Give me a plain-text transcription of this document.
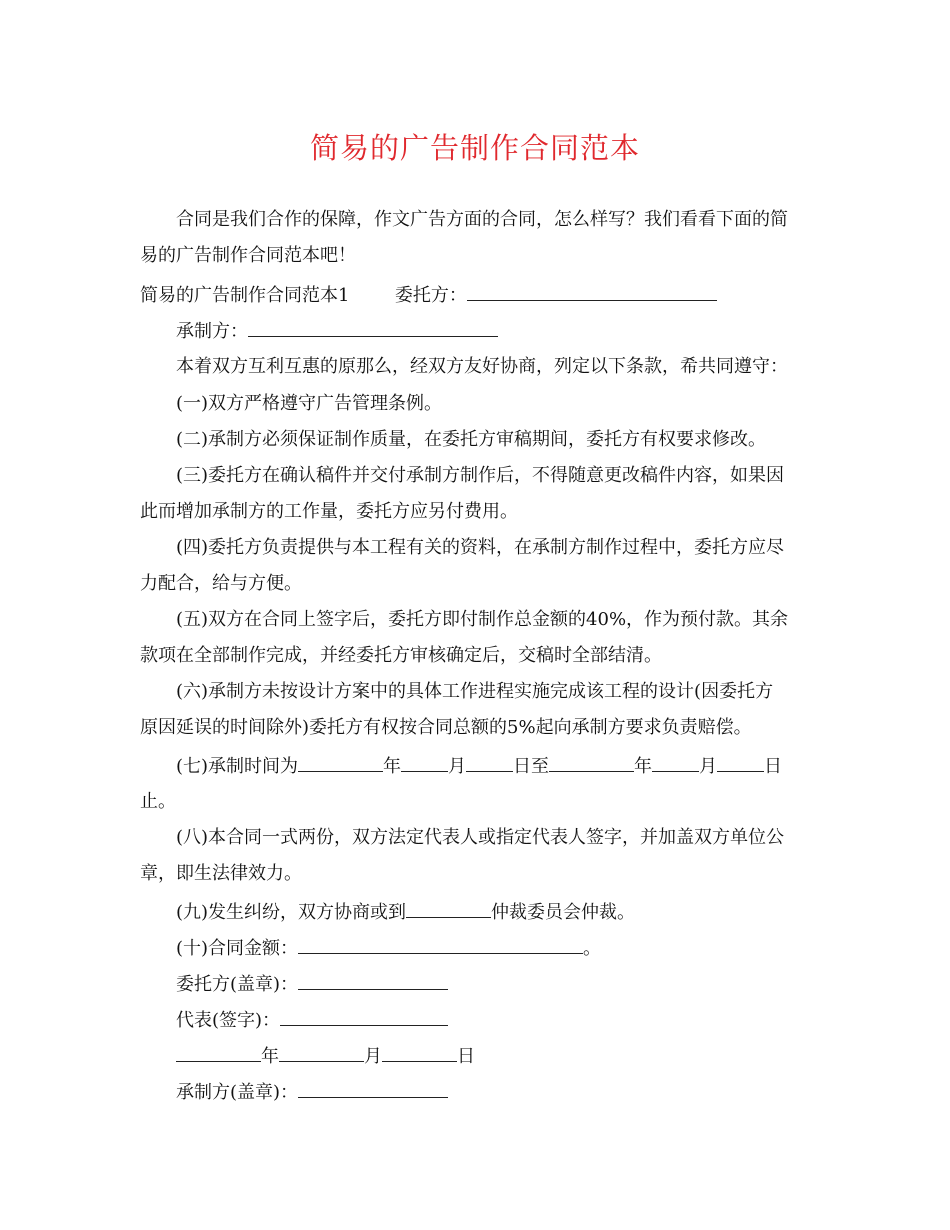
简易的广告制作合同范本
合同是我们合作的保障，作文广告方面的合同，怎么样写？我们看看下面的简
易的广告制作合同范本吧！
简易的广告制作合同范本1	委托方：
承制方：
本着双方互利互惠的原那么，经双方友好协商，列定以下条款，希共同遵守：
(一)双方严格遵守广告管理条例。
(二)承制方必须保证制作质量，在委托方审稿期间，委托方有权要求修改。
(三)委托方在确认稿件并交付承制方制作后，不得随意更改稿件内容，如果因
此而增加承制方的工作量，委托方应另付费用。
(四)委托方负责提供与本工程有关的资料，在承制方制作过程中，委托方应尽
力配合，给与方便。
(五)双方在合同上签字后，委托方即付制作总金额的40%，作为预付款。其余
款项在全部制作完成，并经委托方审核确定后，交稿时全部结清。
(六)承制方未按设计方案中的具体工作进程实施完成该工程的设计(因委托方
原因延误的时间除外)委托方有权按合同总额的5%起向承制方要求负责赔偿。
(七)承制时间为	年	月	日至	年	月	日
止。
(八)本合同一式两份，双方法定代表人或指定代表人签字，并加盖双方单位公
章，即生法律效力。
(九)发生纠纷，双方协商或到	仲裁委员会仲裁。
(十)合同金额：	。
委托方(盖章)：
代表(签字)：
年	月	日
承制方(盖章)：
